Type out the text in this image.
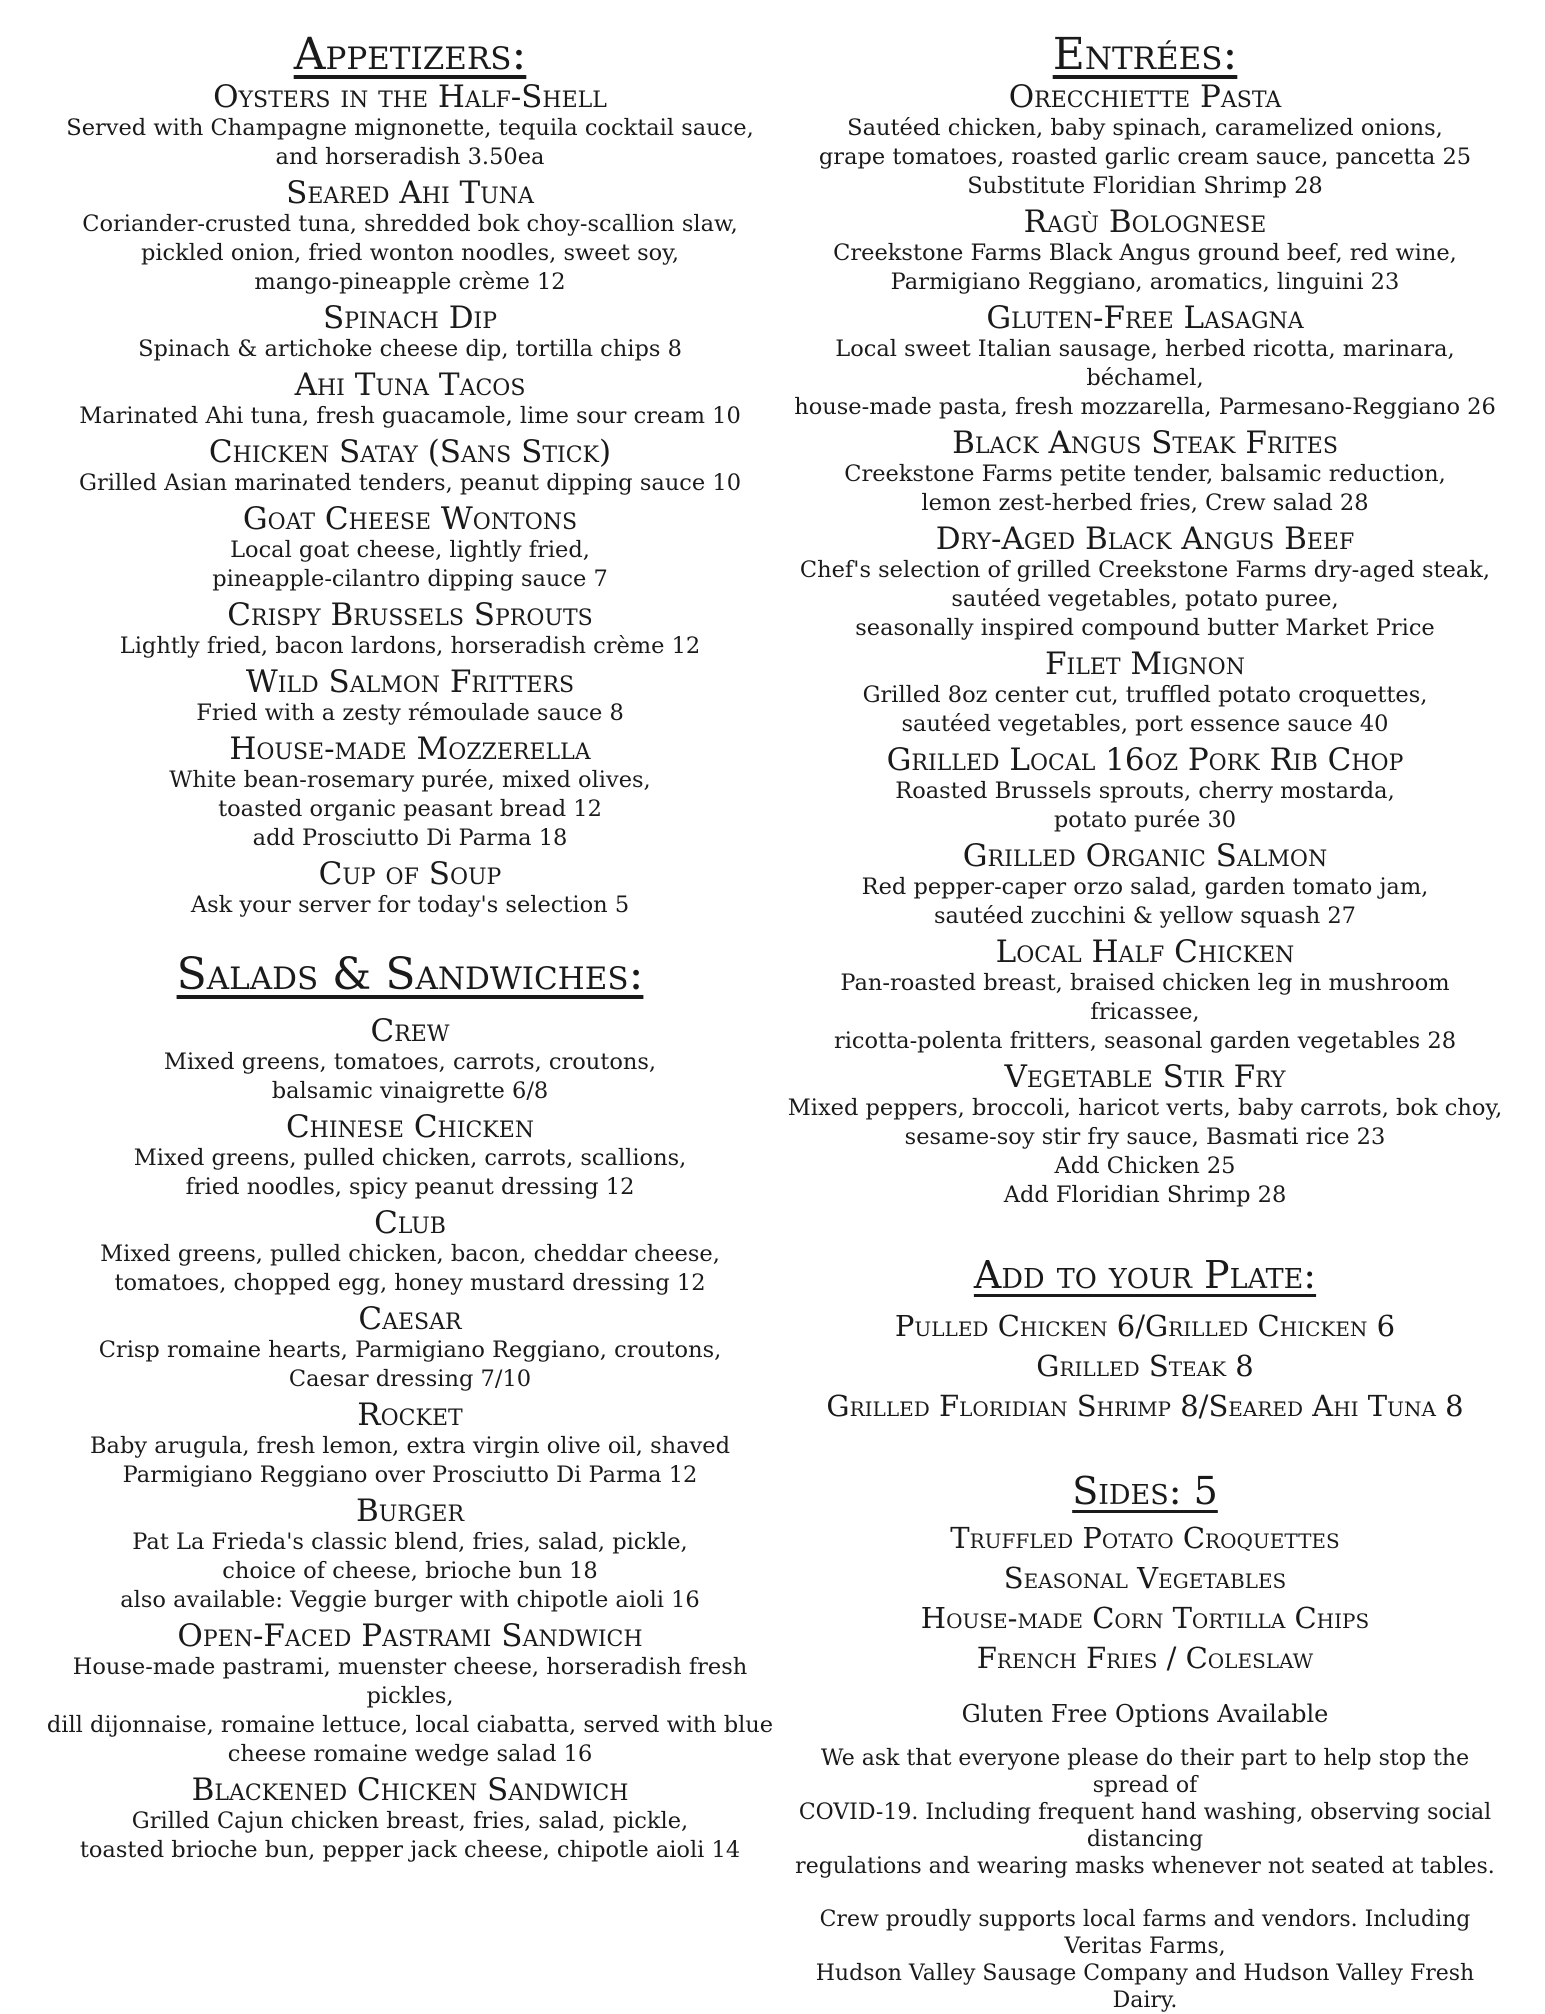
Appetizers:
Oysters in the Half-Shell
Served with Champagne mignonette, tequila cocktail sauce,
and horseradish 3.50ea
Seared Ahi Tuna
Coriander-crusted tuna, shredded bok choy-scallion slaw,
pickled onion, fried wonton noodles, sweet soy,
mango-pineapple crème 12
Spinach Dip
Spinach & artichoke cheese dip, tortilla chips 8
Ahi Tuna Tacos
Marinated Ahi tuna, fresh guacamole, lime sour cream 10
Chicken Satay (Sans Stick)
Grilled Asian marinated tenders, peanut dipping sauce 10
Goat Cheese Wontons
Local goat cheese, lightly fried,
pineapple-cilantro dipping sauce 7
Crispy Brussels Sprouts
Lightly fried, bacon lardons, horseradish crème 12
Wild Salmon Fritters
Fried with a zesty rémoulade sauce 8
House-made Mozzerella
White bean-rosemary purée, mixed olives,
toasted organic peasant bread 12
add Prosciutto Di Parma 18
Cup of Soup
Ask your server for today's selection 5
Salads & Sandwiches:
Crew
Mixed greens, tomatoes, carrots, croutons,
balsamic vinaigrette 6/8
Chinese Chicken
Mixed greens, pulled chicken, carrots, scallions,
fried noodles, spicy peanut dressing 12
Club
Mixed greens, pulled chicken, bacon, cheddar cheese,
tomatoes, chopped egg, honey mustard dressing 12
Caesar
Crisp romaine hearts, Parmigiano Reggiano, croutons,
Caesar dressing 7/10
Rocket
Baby arugula, fresh lemon, extra virgin olive oil, shaved
Parmigiano Reggiano over Prosciutto Di Parma 12
Burger
Pat La Frieda's classic blend, fries, salad, pickle,
choice of cheese, brioche bun 18
also available: Veggie burger with chipotle aioli 16
Open-Faced Pastrami Sandwich
House-made pastrami, muenster cheese, horseradish fresh pickles,
dill dijonnaise, romaine lettuce, local ciabatta, served with blue
cheese romaine wedge salad 16
Blackened Chicken Sandwich
Grilled Cajun chicken breast, fries, salad, pickle,
toasted brioche bun, pepper jack cheese, chipotle aioli 14
Entrées:
Orecchiette Pasta
Sautéed chicken, baby spinach, caramelized onions,
grape tomatoes, roasted garlic cream sauce, pancetta 25
Substitute Floridian Shrimp 28
Ragù Bolognese
Creekstone Farms Black Angus ground beef, red wine,
Parmigiano Reggiano, aromatics, linguini 23
Gluten-Free Lasagna
Local sweet Italian sausage, herbed ricotta, marinara, béchamel,
house-made pasta, fresh mozzarella, Parmesano-Reggiano 26
Black Angus Steak Frites
Creekstone Farms petite tender, balsamic reduction,
lemon zest-herbed fries, Crew salad 28
Dry-Aged Black Angus Beef
Chef's selection of grilled Creekstone Farms dry-aged steak,
sautéed vegetables, potato puree,
seasonally inspired compound butter Market Price
Filet Mignon
Grilled 8oz center cut, truffled potato croquettes,
sautéed vegetables, port essence sauce 40
Grilled Local 16oz Pork Rib Chop
Roasted Brussels sprouts, cherry mostarda,
potato purée 30
Grilled Organic Salmon
Red pepper-caper orzo salad, garden tomato jam,
sautéed zucchini & yellow squash 27
Local Half Chicken
Pan-roasted breast, braised chicken leg in mushroom fricassee,
ricotta-polenta fritters, seasonal garden vegetables 28
Vegetable Stir Fry
Mixed peppers, broccoli, haricot verts, baby carrots, bok choy,
sesame-soy stir fry sauce, Basmati rice 23
Add Chicken 25
Add Floridian Shrimp 28
Add to your Plate:
Pulled Chicken 6/Grilled Chicken 6
Grilled Steak 8
Grilled Floridian Shrimp 8/Seared Ahi Tuna 8
Sides: 5
Truffled Potato Croquettes
Seasonal Vegetables
House-made Corn Tortilla Chips
French Fries / Coleslaw
Gluten Free Options Available
We ask that everyone please do their part to help stop the spread of
COVID-19. Including frequent hand washing, observing social distancing
regulations and wearing masks whenever not seated at tables.
Crew proudly supports local farms and vendors. Including Veritas Farms,
Hudson Valley Sausage Company and Hudson Valley Fresh Dairy.
